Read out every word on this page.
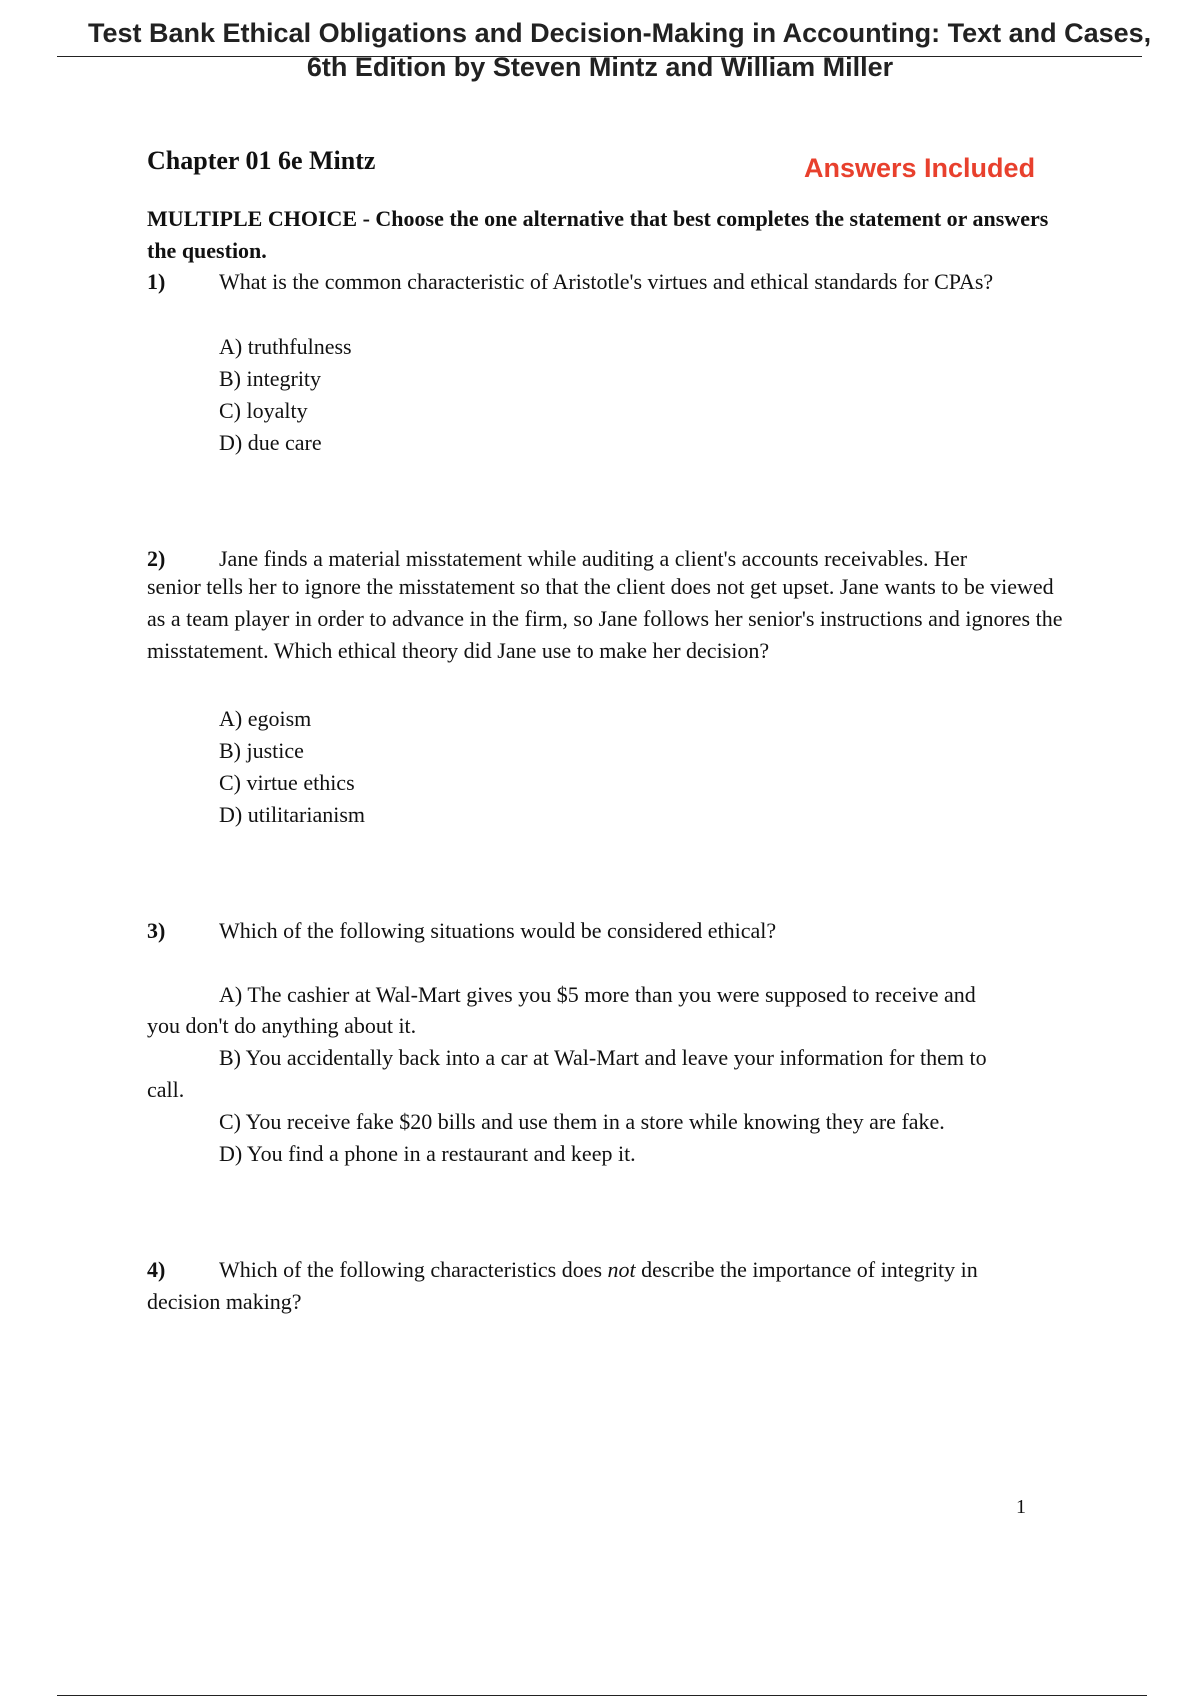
Test Bank Ethical Obligations and Decision-Making in Accounting: Text and Cases,
6th Edition by Steven Mintz and William Miller
Chapter 01 6e Mintz	Answers Included
MULTIPLE CHOICE - Choose the one alternative that best completes the statement or answers the question.
1) What is the common characteristic of Aristotle's virtues and ethical standards for CPAs?
A) truthfulness
B) integrity
C) loyalty
D) due care
2) Jane finds a material misstatement while auditing a client's accounts receivables. Her
senior tells her to ignore the misstatement so that the client does not get upset. Jane wants to be viewed as a team player in order to advance in the firm, so Jane follows her senior's instructions and ignores the misstatement. Which ethical theory did Jane use to make her decision?
A) egoism
B) justice
C) virtue ethics
D) utilitarianism
3) Which of the following situations would be considered ethical?
A) The cashier at Wal-Mart gives you $5 more than you were supposed to receive and
you don't do anything about it.
B) You accidentally back into a car at Wal-Mart and leave your information for them to
call.
C) You receive fake $20 bills and use them in a store while knowing they are fake.
D) You find a phone in a restaurant and keep it.
4) Which of the following characteristics does not describe the importance of integrity in
decision making?
1
